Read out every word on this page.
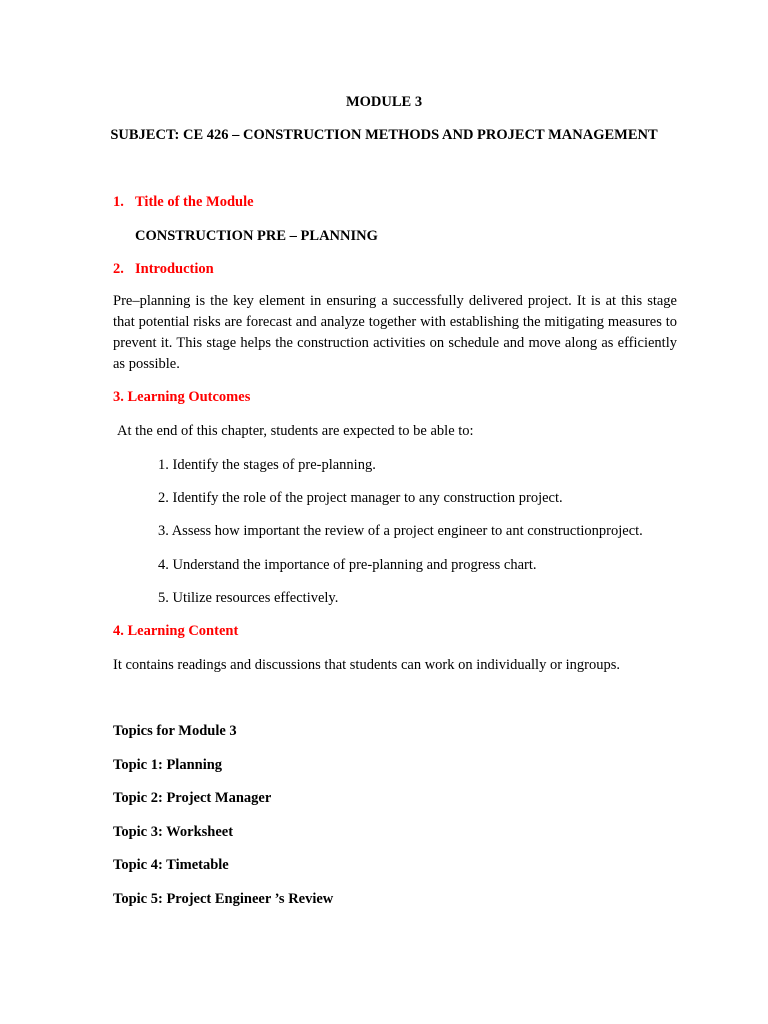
MODULE 3
SUBJECT: CE 426 – CONSTRUCTION METHODS AND PROJECT MANAGEMENT
1. Title of the Module
CONSTRUCTION PRE – PLANNING
2. Introduction
Pre–planning is the key element in ensuring a successfully delivered project. It is at this stage that potential risks are forecast and analyze together with establishing the mitigating measures to prevent it. This stage helps the construction activities on schedule and move along as efficiently as possible.
3. Learning Outcomes
At the end of this chapter, students are expected to be able to:
1. Identify the stages of pre-planning.
2. Identify the role of the project manager to any construction project.
3. Assess how important the review of a project engineer to ant constructionproject.
4. Understand the importance of pre-planning and progress chart.
5. Utilize resources effectively.
4. Learning Content
It contains readings and discussions that students can work on individually or ingroups.
Topics for Module 3
Topic 1: Planning
Topic 2: Project Manager
Topic 3: Worksheet
Topic 4: Timetable
Topic 5: Project Engineer ’s Review
